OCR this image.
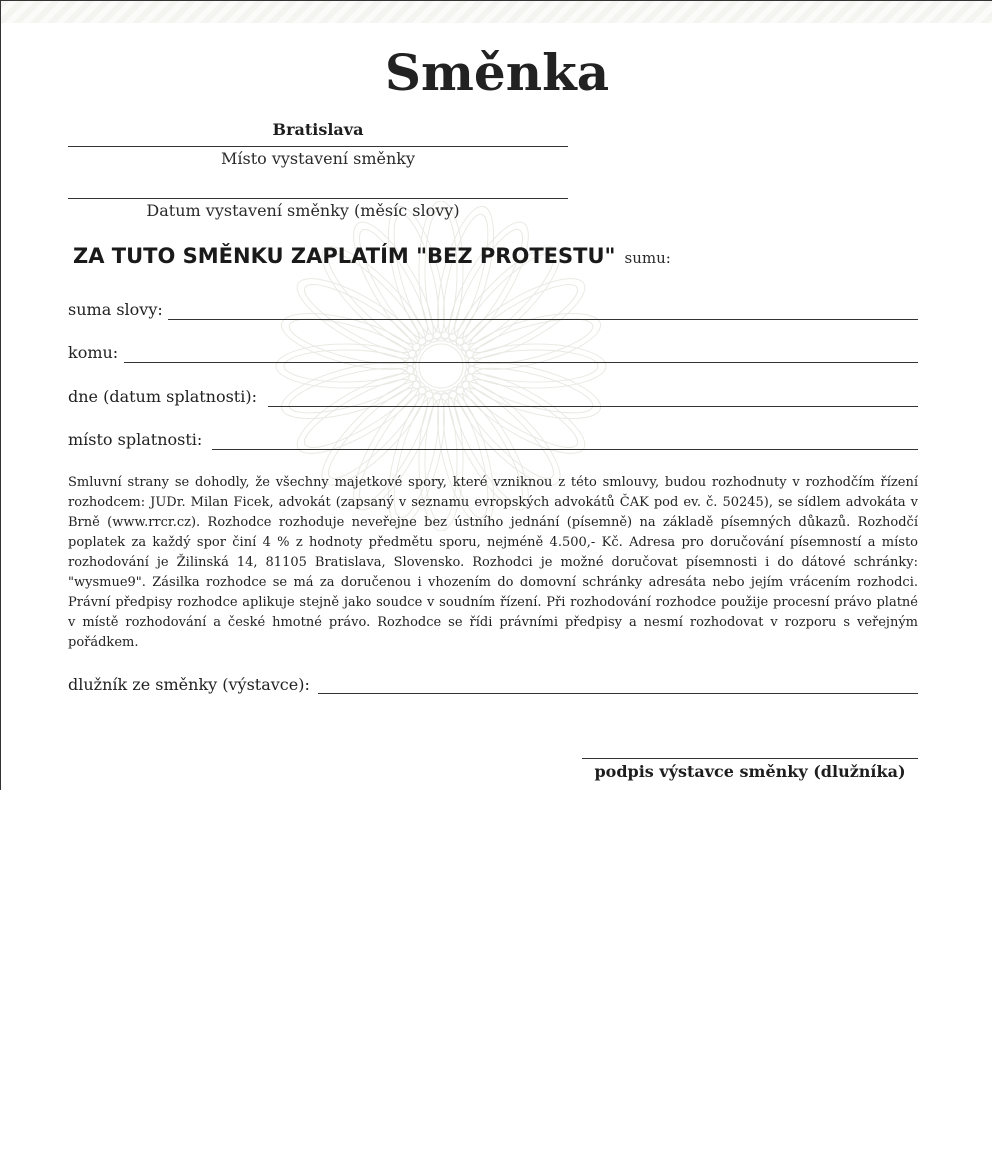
Směnka
Bratislava
Místo vystavení směnky
Datum vystavení směnky (měsíc slovy)
ZA TUTO SMĚNKU ZAPLATÍM "BEZ PROTESTU" sumu:
suma slovy:
komu:
dne (datum splatnosti):
místo splatnosti:

Smluvní strany se dohodly, že všechny majetkové spory, které vzniknou z této smlouvy, budou rozhodnuty v rozhodčím řízení rozhodcem: JUDr. Milan Ficek, advokát (zapsaný v seznamu evropských advokátů ČAK pod ev. č. 50245), se sídlem advokáta v Brně (www.rrcr.cz). Rozhodce rozhoduje neveřejne bez ústního jednání (písemně) na základě písemných důkazů. Rozhodčí poplatek za každý spor činí 4 % z hodnoty předmětu sporu, nejméně 4.500,- Kč. Adresa pro doručování písemností a místo rozhodování je Žilinská 14, 81105 Bratislava, Slovensko. Rozhodci je možné doručovat písemnosti i do dátové schránky: "wysmue9". Zásilka rozhodce se má za doručenou i vhozením do domovní schránky adresáta nebo jejím vrácením rozhodci. Právní předpisy rozhodce aplikuje stejně jako soudce v soudním řízení. Při rozhodování rozhodce použije procesní právo platné v místě rozhodování a české hmotné právo. Rozhodce se řídi právními předpisy a nesmí rozhodovat v rozporu s veřejným pořádkem.

dlužník ze směnky (výstavce):
podpis výstavce směnky (dlužníka)
